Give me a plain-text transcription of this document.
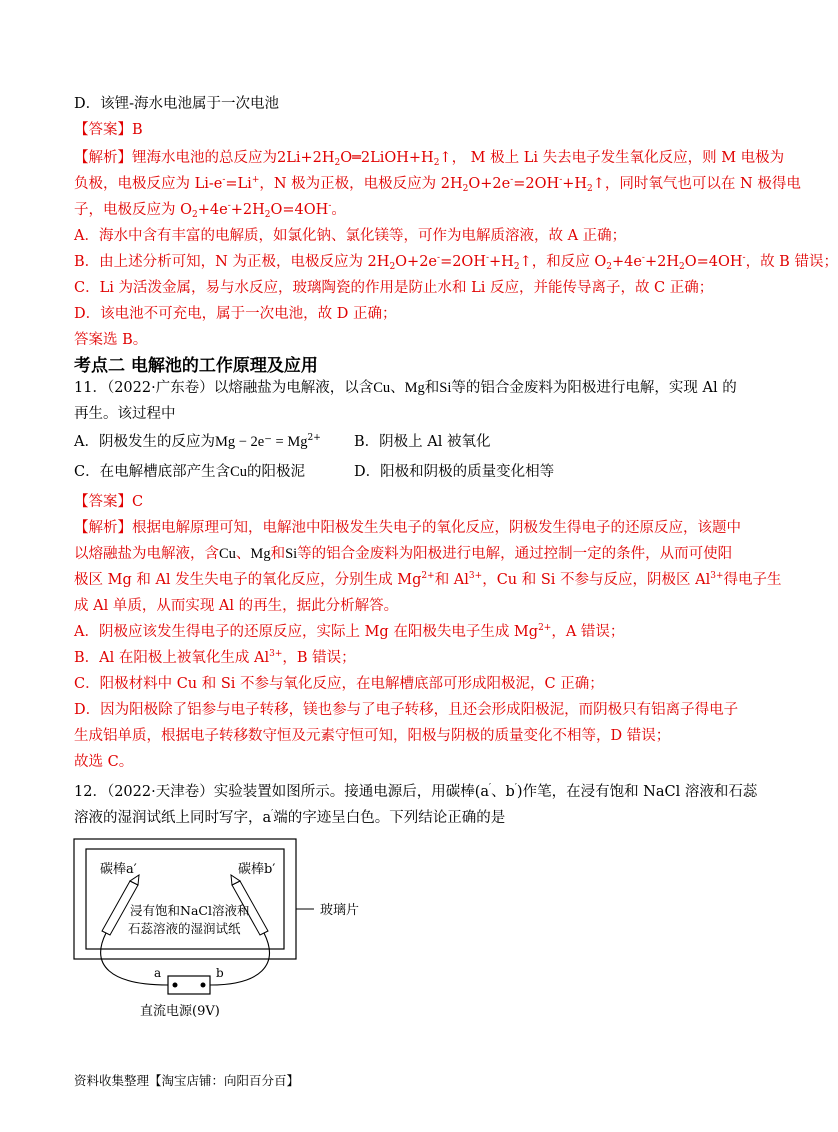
D．该锂-海水电池属于一次电池
【答案】B
【解析】锂海水电池的总反应为$2Li+2H_2O═2LiOH+H_2↑$， M 极上 Li 失去电子发生氧化反应，则 M 电极为
负极，电极反应为 Li-e-=Li+，N 极为正极，电极反应为 $2H_2O+2e^-=2OH^-+H_2↑$，同时氧气也可以在 N 极得电
子，电极反应为 $O_2+4e^-+2H_2O=4OH^-$。
A．海水中含有丰富的电解质，如氯化钠、氯化镁等，可作为电解质溶液，故 A 正确；
B．由上述分析可知，N 为正极，电极反应为 $2H_2O+2e^-=2OH^-+H_2↑$，和反应 $O_2+4e^-+2H_2O=4OH^-$，故 B 错误；
C．Li 为活泼金属，易与水反应，玻璃陶瓷的作用是防止水和 Li 反应，并能传导离子，故 C 正确；
D．该电池不可充电，属于一次电池，故 D 正确；
答案选 B。
考点二 电解池的工作原理及应用
11．（2022·广东卷）以熔融盐为电解液，以含Cu、Mg和Si等的铝合金废料为阳极进行电解，实现 Al 的
再生。该过程中
A．阴极发生的反应为$Mg - 2e^- = Mg^{2+}$ B．阴极上 Al 被氧化
C．在电解槽底部产生含Cu的阳极泥	D．阳极和阴极的质量变化相等
【答案】C
【解析】根据电解原理可知，电解池中阳极发生失电子的氧化反应，阴极发生得电子的还原反应，该题中
以熔融盐为电解液，含Cu、Mg和Si等的铝合金废料为阳极进行电解，通过控制一定的条件，从而可使阳
极区 Mg 和 Al 发生失电子的氧化反应，分别生成 $Mg^{2+}$和 $Al^{3+}$，Cu 和 Si 不参与反应，阴极区 $Al^{3+}$得电子生
成 Al 单质，从而实现 Al 的再生，据此分析解答。
A．阴极应该发生得电子的还原反应，实际上 Mg 在阳极失电子生成 $Mg^{2+}$，A 错误；
B．Al 在阳极上被氧化生成 $Al^{3+}$，B 错误；
C．阳极材料中 Cu 和 Si 不参与氧化反应，在电解槽底部可形成阳极泥，C 正确；
D．因为阳极除了铝参与电子转移，镁也参与了电子转移，且还会形成阳极泥，而阴极只有铝离子得电子
生成铝单质，根据电子转移数守恒及元素守恒可知，阳极与阴极的质量变化不相等，D 错误；
故选 C。
12．（2022·天津卷）实验装置如图所示。接通电源后，用碳棒(a′、b′)作笔，在浸有饱和 NaCl 溶液和石蕊
溶液的湿润试纸上同时写字，a′端的字迹呈白色。下列结论正确的是
玻璃片
碳棒a′	碳棒b′
浸有饱和NaCl溶液和
石蕊溶液的湿润试纸
a	b
直流电源(9V)
资料收集整理【淘宝店铺：向阳百分百】
